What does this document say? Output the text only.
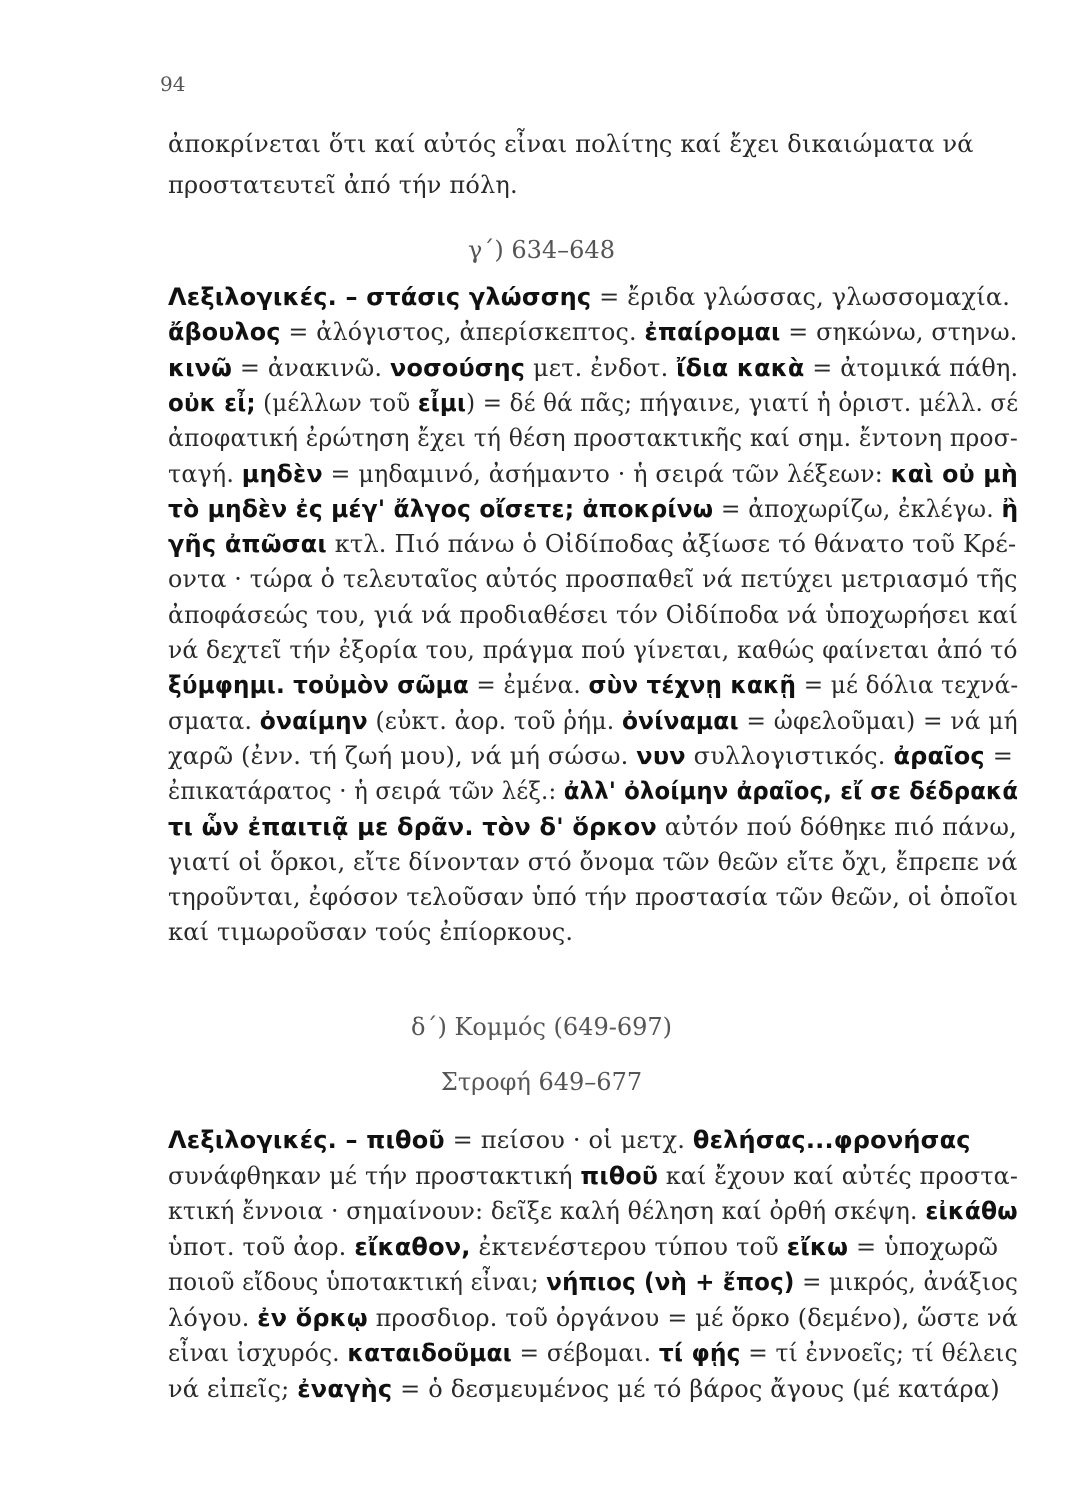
94
ἀποκρίνεται ὅτι καί αὐτός εἶναι πολίτης καί ἔχει δικαιώματα νά
προστατευτεῖ ἀπό τήν πόλη.
γ΄) 634–648
Λεξιλογικές. – στάσις γλώσσης = ἔριδα γλώσσας, γλωσσομαχία.
ἄβουλος = ἀλόγιστος, ἀπερίσκεπτος. ἐπαίρομαι = σηκώνω, στηνω.
κινῶ = ἀνακινῶ. νοσούσης μετ. ἐνδοτ. ἴδια κακὰ = ἀτομικά πάθη.
οὐκ εἶ; (μέλλων τοῦ εἶμι) = δέ θά πᾶς; πήγαινε, γιατί ἡ ὁριστ. μέλλ. σέ
ἀποφατική ἐρώτηση ἔχει τή θέση προστακτικῆς καί σημ. ἔντονη προσ-
ταγή. μηδὲν = μηδαμινό, ἀσήμαντο · ἡ σειρά τῶν λέξεων: καὶ οὐ μὴ
τὸ μηδὲν ἐς μέγ' ἄλγος οἴσετε; ἀποκρίνω = ἀποχωρίζω, ἐκλέγω. ἢ
γῆς ἀπῶσαι κτλ. Πιό πάνω ὁ Οἰδίποδας ἀξίωσε τό θάνατο τοῦ Κρέ-
οντα · τώρα ὁ τελευταῖος αὐτός προσπαθεῖ νά πετύχει μετριασμό τῆς
ἀποφάσεώς του, γιά νά προδιαθέσει τόν Οἰδίποδα νά ὑποχωρήσει καί
νά δεχτεῖ τήν ἐξορία του, πράγμα πού γίνεται, καθώς φαίνεται ἀπό τό
ξύμφημι. τοὐμὸν σῶμα = ἐμένα. σὺν τέχνῃ κακῇ = μέ δόλια τεχνά-
σματα. ὀναίμην (εὐκτ. ἀορ. τοῦ ῥήμ. ὀνίναμαι = ὠφελοῦμαι) = νά μή
χαρῶ (ἐνν. τή ζωή μου), νά μή σώσω. νυν συλλογιστικός. ἀραῖος =
ἐπικατάρατος · ἡ σειρά τῶν λέξ.: ἀλλ' ὀλοίμην ἀραῖος, εἴ σε δέδρακά
τι ὧν ἐπαιτιᾷ με δρᾶν. τὸν δ' ὅρκον αὐτόν πού δόθηκε πιό πάνω,
γιατί οἱ ὅρκοι, εἴτε δίνονταν στό ὄνομα τῶν θεῶν εἴτε ὄχι, ἔπρεπε νά
τηροῦνται, ἐφόσον τελοῦσαν ὑπό τήν προστασία τῶν θεῶν, οἱ ὁποῖοι
καί τιμωροῦσαν τούς ἐπίορκους.
δ΄) Κομμός (649-697)
Στροφή 649–677
Λεξιλογικές. – πιθοῦ = πείσου · οἱ μετχ. θελήσας...φρονήσας
συνάφθηκαν μέ τήν προστακτική πιθοῦ καί ἔχουν καί αὐτές προστα-
κτική ἔννοια · σημαίνουν: δεῖξε καλή θέληση καί ὀρθή σκέψη. εἰκάθω
ὑποτ. τοῦ ἀορ. εἴκαθον, ἐκτενέστερου τύπου τοῦ εἴκω = ὑποχωρῶ
ποιοῦ εἴδους ὑποτακτική εἶναι; νήπιος (νὴ + ἔπος) = μικρός, ἀνάξιος
λόγου. ἐν ὅρκῳ προσδιορ. τοῦ ὀργάνου = μέ ὅρκο (δεμένο), ὥστε νά
εἶναι ἰσχυρός. καταιδοῦμαι = σέβομαι. τί φῄς = τί ἐννοεῖς; τί θέλεις
νά εἰπεῖς; ἐναγὴς = ὁ δεσμευμένος μέ τό βάρος ἄγους (μέ κατάρα)
